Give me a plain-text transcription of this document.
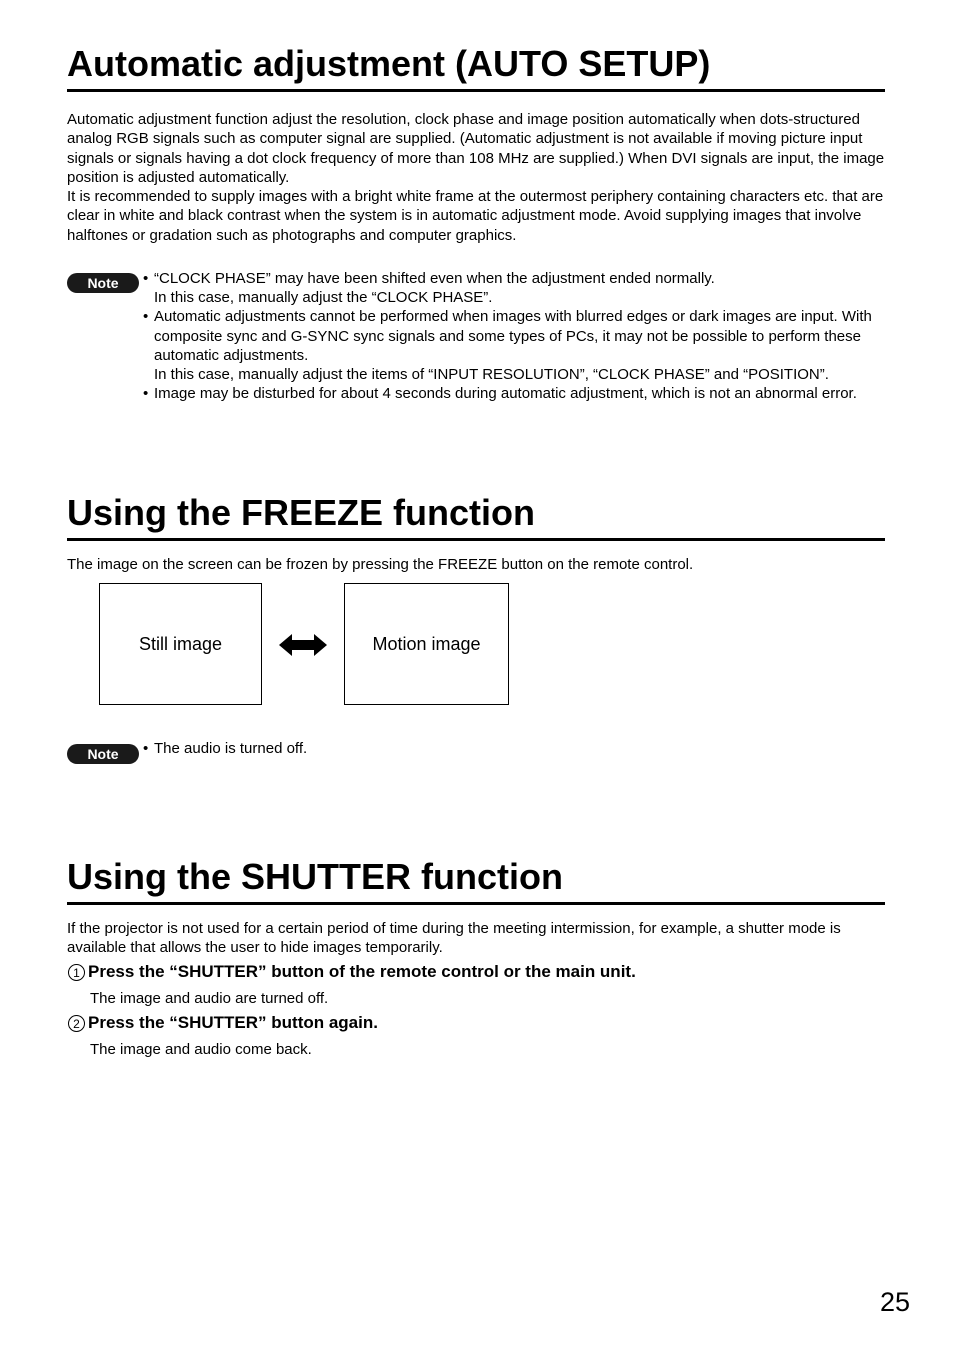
Automatic adjustment (AUTO SETUP)

Automatic adjustment function adjust the resolution, clock phase and image position automatically when dots-structured analog RGB signals such as computer signal are supplied. (Automatic adjustment is not available if moving picture input signals or signals having a dot clock frequency of more than 108 MHz are supplied.) When DVI signals are input, the image position is adjusted automatically.

It is recommended to supply images with a bright white frame at the outermost periphery containing characters etc. that are clear in white and black contrast when the system is in automatic adjustment mode. Avoid supplying images that involve halftones or gradation such as photographs and computer graphics.

Note	• “CLOCK PHASE” may have been shifted even when the adjustment ended normally.
In this case, manually adjust the “CLOCK PHASE”.
• Automatic adjustments cannot be performed when images with blurred edges or dark images are input. With composite sync and G-SYNC sync signals and some types of PCs, it may not be possible to perform these automatic adjustments.
In this case, manually adjust the items of “INPUT RESOLUTION”, “CLOCK PHASE” and “POSITION”.
• Image may be disturbed for about 4 seconds during automatic adjustment, which is not an abnormal error.
Using the FREEZE function

The image on the screen can be frozen by pressing the FREEZE button on the remote control.

Still image	Motion image
Note	• The audio is turned off.
Using the SHUTTER function

If the projector is not used for a certain period of time during the meeting intermission, for example, a shutter mode is available that allows the user to hide images temporarily.

1 Press the “SHUTTER” button of the remote control or the main unit.
The image and audio are turned off.
2 Press the “SHUTTER” button again.
The image and audio come back.
25
